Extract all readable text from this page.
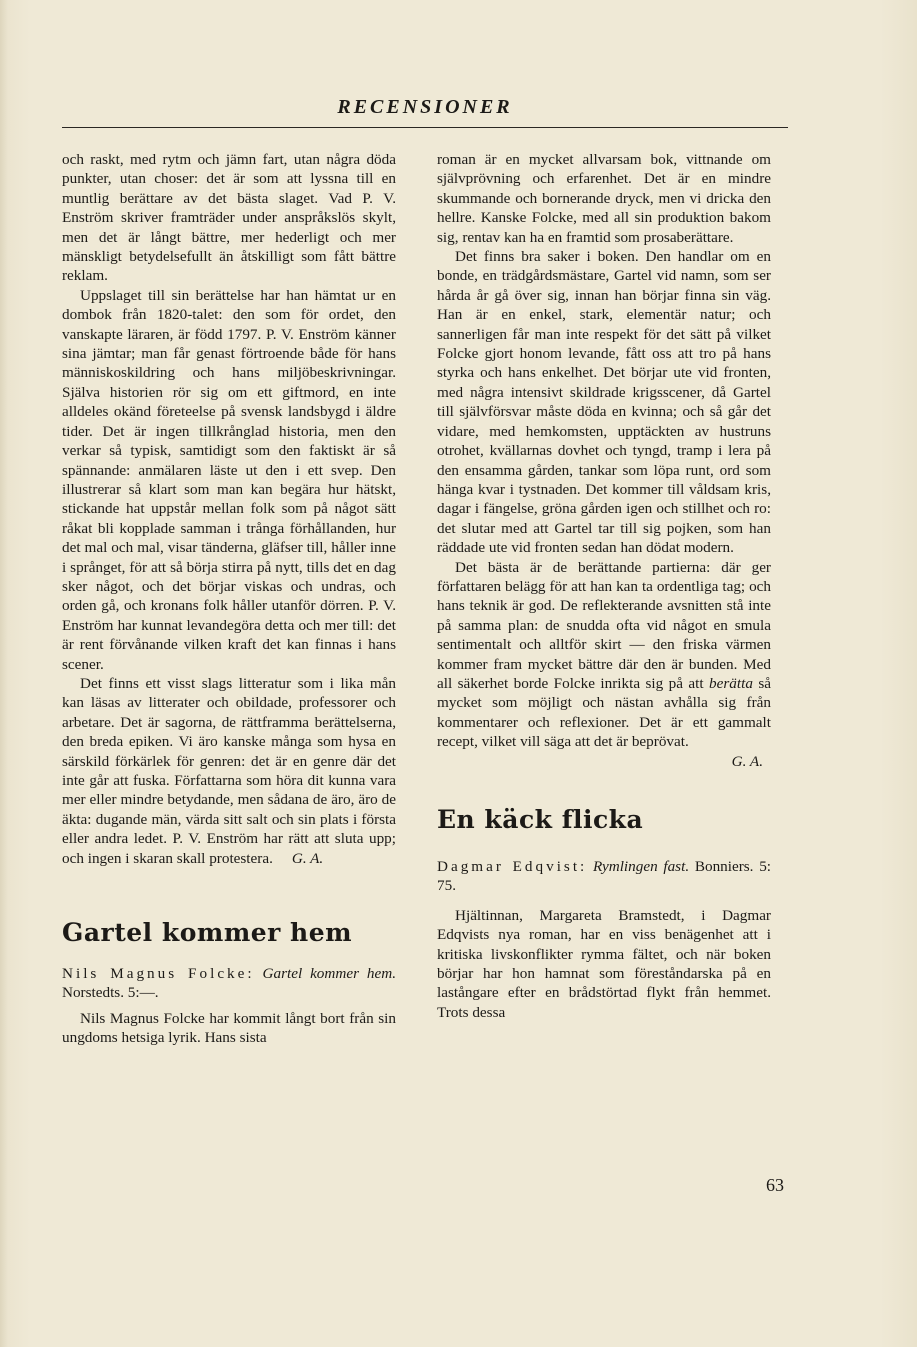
RECENSIONER

och raskt, med rytm och jämn fart, utan några döda punkter, utan choser: det är som att lyssna till en muntlig berättare av det bästa slaget. Vad P. V. Enström skriver framträder under anspråkslös skylt, men det är långt bättre, mer hederligt och mer mänskligt betydelsefullt än åtskilligt som fått bättre reklam.

Uppslaget till sin berättelse har han hämtat ur en dombok från 1820-talet: den som för ordet, den vanskapte läraren, är född 1797. P. V. Enström känner sina jämtar; man får genast förtroende både för hans människoskildring och hans miljöbeskrivningar. Själva historien rör sig om ett giftmord, en inte alldeles okänd företeelse på svensk landsbygd i äldre tider. Det är ingen tillkrånglad historia, men den verkar så typisk, samtidigt som den faktiskt är så spännande: anmälaren läste ut den i ett svep. Den illustrerar så klart som man kan begära hur hätskt, stickande hat uppstår mellan folk som på något sätt råkat bli kopplade samman i trånga förhållanden, hur det mal och mal, visar tänderna, gläfser till, håller inne i språnget, för att så börja stirra på nytt, tills det en dag sker något, och det börjar viskas och undras, och orden gå, och kronans folk håller utanför dörren. P. V. Enström har kunnat levandegöra detta och mer till: det är rent förvånande vilken kraft det kan finnas i hans scener.

Det finns ett visst slags litteratur som i lika mån kan läsas av litterater och obildade, professorer och arbetare. Det är sagorna, de rättframma berättelserna, den breda epiken. Vi äro kanske många som hysa en särskild förkärlek för genren: det är en genre där det inte går att fuska. Författarna som höra dit kunna vara mer eller mindre betydande, men sådana de äro, äro de äkta: dugande män, värda sitt salt och sin plats i första eller andra ledet. P. V. Enström har rätt att sluta upp; och ingen i skaran skall protestera. G. A.

Gartel kommer hem

Nils Magnus Folcke: Gartel kommer hem. Norstedts. 5:—.

Nils Magnus Folcke har kommit långt bort från sin ungdoms hetsiga lyrik. Hans sista

roman är en mycket allvarsam bok, vittnande om självprövning och erfarenhet. Det är en mindre skummande och bornerande dryck, men vi dricka den hellre. Kanske Folcke, med all sin produktion bakom sig, rentav kan ha en framtid som prosaberättare.

Det finns bra saker i boken. Den handlar om en bonde, en trädgårdsmästare, Gartel vid namn, som ser hårda år gå över sig, innan han börjar finna sin väg. Han är en enkel, stark, elementär natur; och sannerligen får man inte respekt för det sätt på vilket Folcke gjort honom levande, fått oss att tro på hans styrka och hans enkelhet. Det börjar ute vid fronten, med några intensivt skildrade krigsscener, då Gartel till självförsvar måste döda en kvinna; och så går det vidare, med hemkomsten, upptäckten av hustruns otrohet, kvällarnas dovhet och tyngd, tramp i lera på den ensamma gården, tankar som löpa runt, ord som hänga kvar i tystnaden. Det kommer till våldsam kris, dagar i fängelse, gröna gården igen och stillhet och ro: det slutar med att Gartel tar till sig pojken, som han räddade ute vid fronten sedan han dödat modern.

Det bästa är de berättande partierna: där ger författaren belägg för att han kan ta ordentliga tag; och hans teknik är god. De reflekterande avsnitten stå inte på samma plan: de snudda ofta vid något en smula sentimentalt och alltför skirt — den friska värmen kommer fram mycket bättre där den är bunden. Med all säkerhet borde Folcke inrikta sig på att berätta så mycket som möjligt och nästan avhålla sig från kommentarer och reflexioner. Det är ett gammalt recept, vilket vill säga att det är beprövat.

G. A.

En käck flicka

Dagmar Edqvist: Rymlingen fast. Bonniers. 5: 75.

Hjältinnan, Margareta Bramstedt, i Dagmar Edqvists nya roman, har en viss benägenhet att i kritiska livskonflikter rymma fältet, och när boken börjar har hon hamnat som föreståndarska på en lastångare efter en brådstörtad flykt från hemmet. Trots dessa

63
